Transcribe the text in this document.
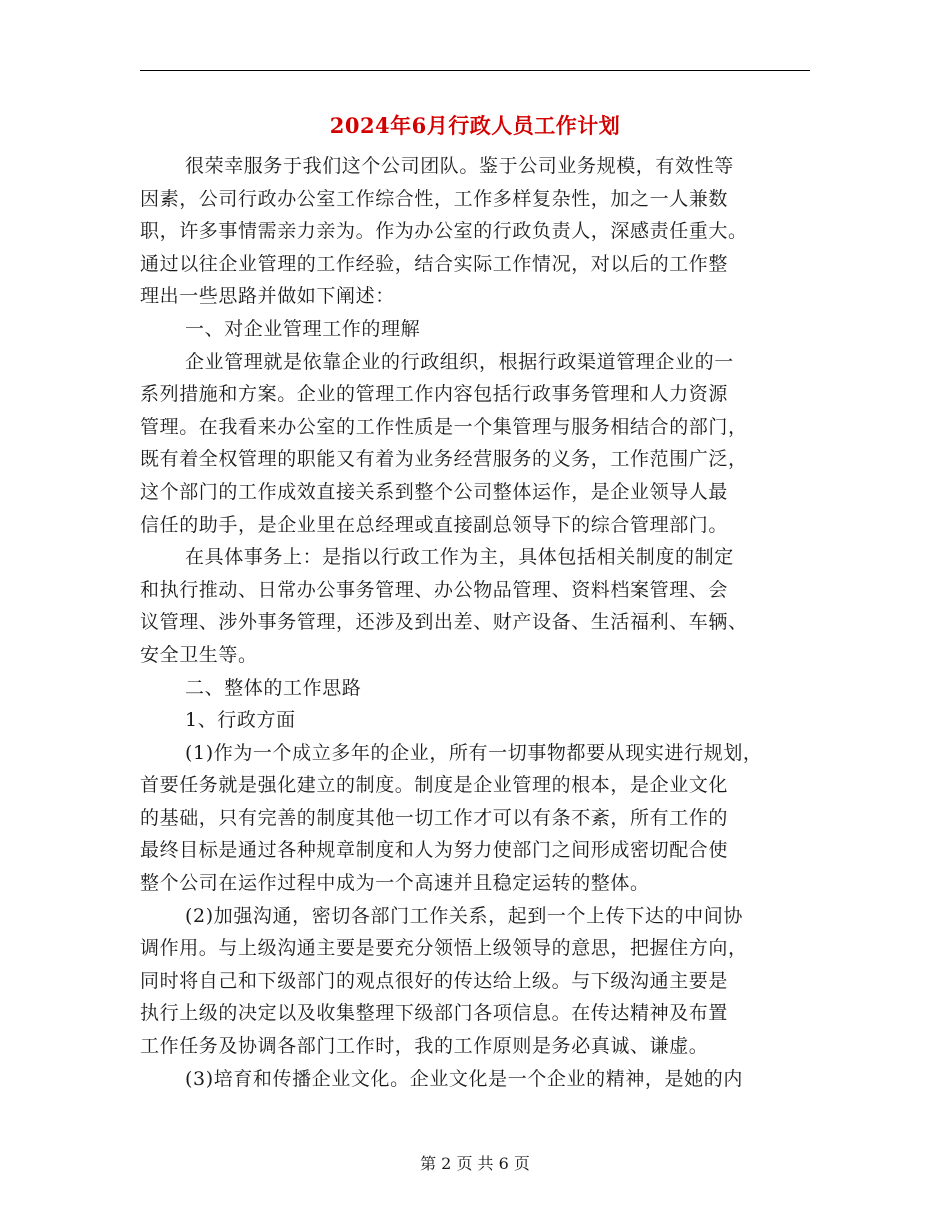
2024年6月行政人员工作计划
很荣幸服务于我们这个公司团队。鉴于公司业务规模，有效性等
因素，公司行政办公室工作综合性，工作多样复杂性，加之一人兼数
职，许多事情需亲力亲为。作为办公室的行政负责人，深感责任重大。
通过以往企业管理的工作经验，结合实际工作情况，对以后的工作整
理出一些思路并做如下阐述：
一、对企业管理工作的理解
企业管理就是依靠企业的行政组织，根据行政渠道管理企业的一
系列措施和方案。企业的管理工作内容包括行政事务管理和人力资源
管理。在我看来办公室的工作性质是一个集管理与服务相结合的部门，
既有着全权管理的职能又有着为业务经营服务的义务，工作范围广泛，
这个部门的工作成效直接关系到整个公司整体运作，是企业领导人最
信任的助手，是企业里在总经理或直接副总领导下的综合管理部门。
在具体事务上：是指以行政工作为主，具体包括相关制度的制定
和执行推动、日常办公事务管理、办公物品管理、资料档案管理、会
议管理、涉外事务管理，还涉及到出差、财产设备、生活福利、车辆、
安全卫生等。
二、整体的工作思路
1、行政方面
(1)作为一个成立多年的企业，所有一切事物都要从现实进行规划，
首要任务就是强化建立的制度。制度是企业管理的根本，是企业文化
的基础，只有完善的制度其他一切工作才可以有条不紊，所有工作的
最终目标是通过各种规章制度和人为努力使部门之间形成密切配合使
整个公司在运作过程中成为一个高速并且稳定运转的整体。
(2)加强沟通，密切各部门工作关系，起到一个上传下达的中间协
调作用。与上级沟通主要是要充分领悟上级领导的意思，把握住方向，
同时将自己和下级部门的观点很好的传达给上级。与下级沟通主要是
执行上级的决定以及收集整理下级部门各项信息。在传达精神及布置
工作任务及协调各部门工作时，我的工作原则是务必真诚、谦虚。
(3)培育和传播企业文化。企业文化是一个企业的精神，是她的内
第 2 页 共 6 页
